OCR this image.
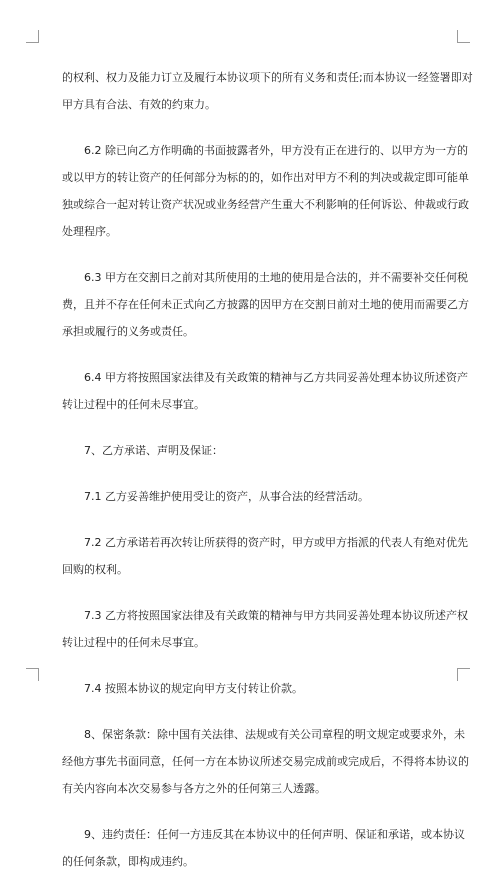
的权利、权力及能力订立及履行本协议项下的所有义务和责任;而本协议一经签署即对
甲方具有合法、有效的约束力。

6.2 除已向乙方作明确的书面披露者外，甲方没有正在进行的、以甲方为一方的
或以甲方的转让资产的任何部分为标的的，如作出对甲方不利的判决或裁定即可能单
独或综合一起对转让资产状况或业务经营产生重大不利影响的任何诉讼、仲裁或行政
处理程序。

6.3 甲方在交割日之前对其所使用的土地的使用是合法的，并不需要补交任何税
费，且并不存在任何未正式向乙方披露的因甲方在交割日前对土地的使用而需要乙方
承担或履行的义务或责任。

6.4 甲方将按照国家法律及有关政策的精神与乙方共同妥善处理本协议所述资产
转让过程中的任何未尽事宜。

7、乙方承诺、声明及保证：

7.1 乙方妥善维护使用受让的资产，从事合法的经营活动。

7.2 乙方承诺若再次转让所获得的资产时，甲方或甲方指派的代表人有绝对优先
回购的权利。

7.3 乙方将按照国家法律及有关政策的精神与甲方共同妥善处理本协议所述产权
转让过程中的任何未尽事宜。

7.4 按照本协议的规定向甲方支付转让价款。

8、保密条款：除中国有关法律、法规或有关公司章程的明文规定或要求外，未
经他方事先书面同意，任何一方在本协议所述交易完成前或完成后，不得将本协议的
有关内容向本次交易参与各方之外的任何第三人透露。

9、违约责任：任何一方违反其在本协议中的任何声明、保证和承诺，或本协议
的任何条款，即构成违约。
